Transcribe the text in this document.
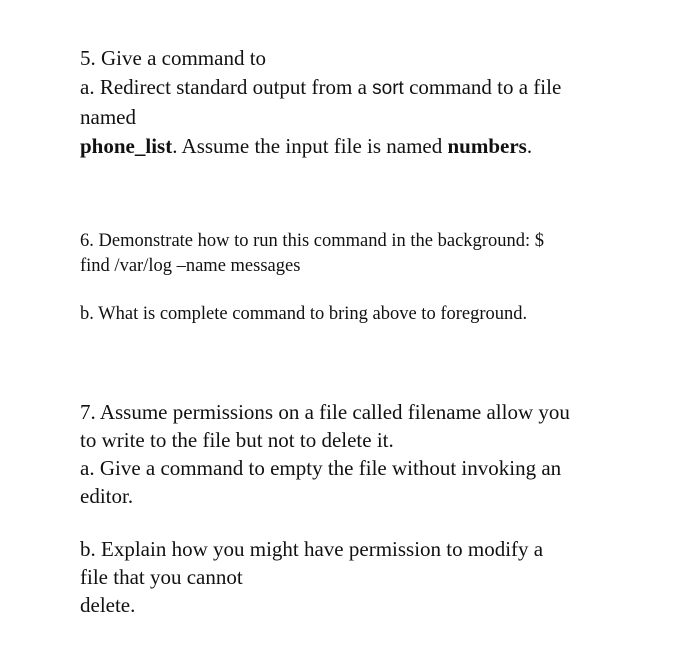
5. Give a command to
a. Redirect standard output from a sort command to a file
named
phone_list. Assume the input file is named numbers.
6. Demonstrate how to run this command in the background: $
find /var/log –name messages
b. What is complete command to bring above to foreground.
7. Assume permissions on a file called filename allow you
to write to the file but not to delete it.
a. Give a command to empty the file without invoking an
editor.
b. Explain how you might have permission to modify a
file that you cannot
delete.
